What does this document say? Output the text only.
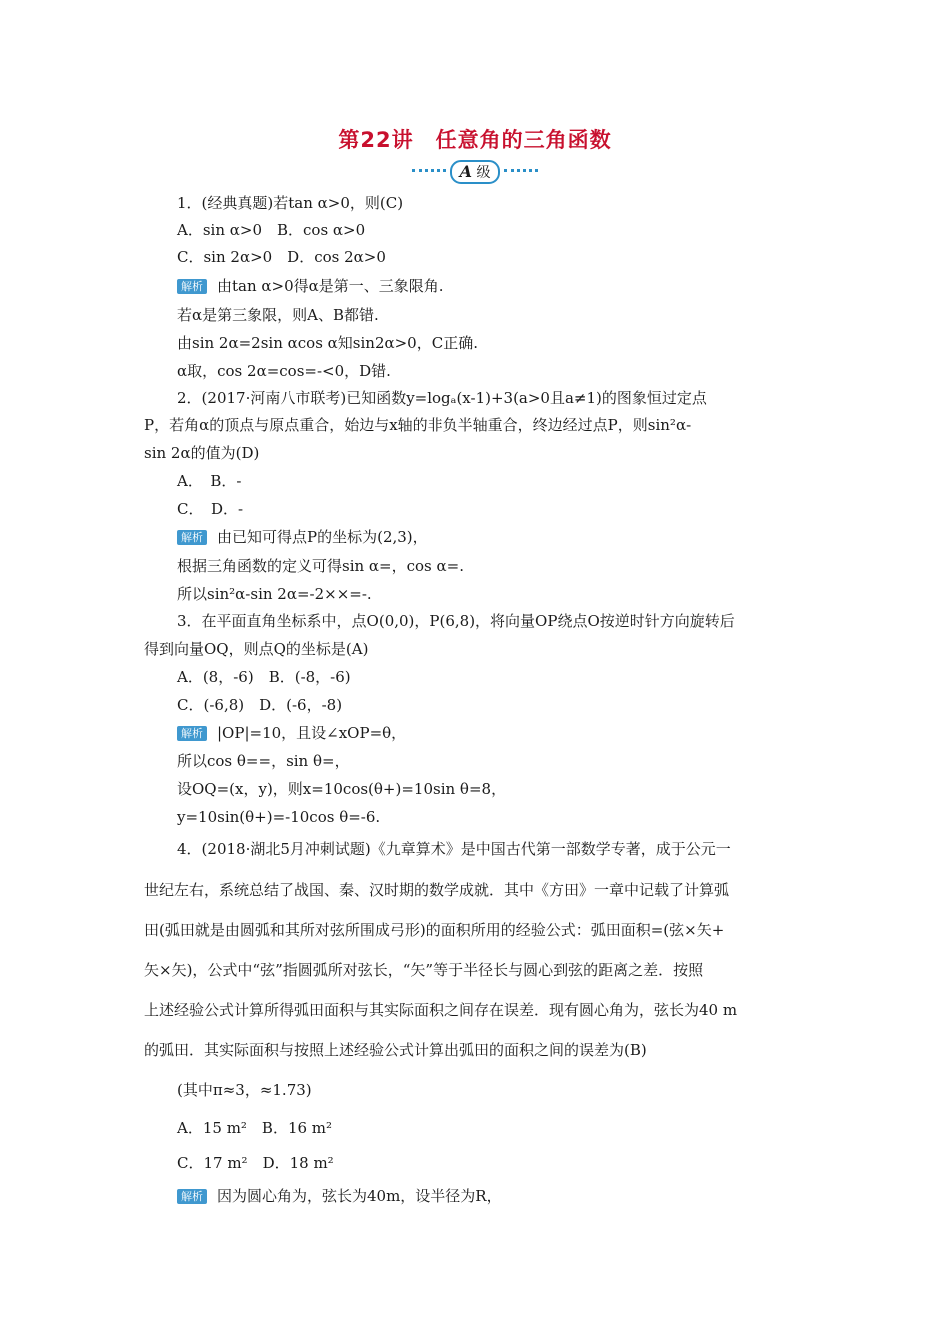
第22讲 任意角的三角函数
A 级
1．(经典真题)若tan α>0，则(C)
A．sin α>0　B．cos α>0
C．sin 2α>0　D．cos 2α>0
解析 由tan α>0得α是第一、三象限角.
若α是第三象限，则A、B都错.
由sin 2α=2sin αcos α知sin2α>0，C正确.
α取，cos 2α=cos=-<0，D错.
2．(2017·河南八市联考)已知函数y=logₐ(x-1)+3(a>0且a≠1)的图象恒过定点
P，若角α的顶点与原点重合，始边与x轴的非负半轴重合，终边经过点P，则sin²α-
sin 2α的值为(D)
A．　B．-
C．　D．-
解析 由已知可得点P的坐标为(2,3)，
根据三角函数的定义可得sin α=，cos α=.
所以sin²α-sin 2α=-2××=-.
3．在平面直角坐标系中，点O(0,0)，P(6,8)，将向量OP绕点O按逆时针方向旋转后
得到向量OQ，则点Q的坐标是(A)
A．(8，-6)　B．(-8，-6)
C．(-6,8)　D．(-6，-8)
解析 |OP|=10，且设∠xOP=θ，
所以cos θ==，sin θ=，
设OQ=(x，y)，则x=10cos(θ+)=10sin θ=8，
y=10sin(θ+)=-10cos θ=-6.
4．(2018·湖北5月冲刺试题)《九章算术》是中国古代第一部数学专著，成于公元一
世纪左右，系统总结了战国、秦、汉时期的数学成就．其中《方田》一章中记载了计算弧
田(弧田就是由圆弧和其所对弦所围成弓形)的面积所用的经验公式：弧田面积=(弦×矢+
矢×矢)，公式中“弦”指圆弧所对弦长，“矢”等于半径长与圆心到弦的距离之差．按照
上述经验公式计算所得弧田面积与其实际面积之间存在误差．现有圆心角为，弦长为40 m
的弧田．其实际面积与按照上述经验公式计算出弧田的面积之间的误差为(B)
(其中π≈3，≈1.73)
A．15 m²　B．16 m²
C．17 m²　D．18 m²
解析 因为圆心角为，弦长为40m，设半径为R，
